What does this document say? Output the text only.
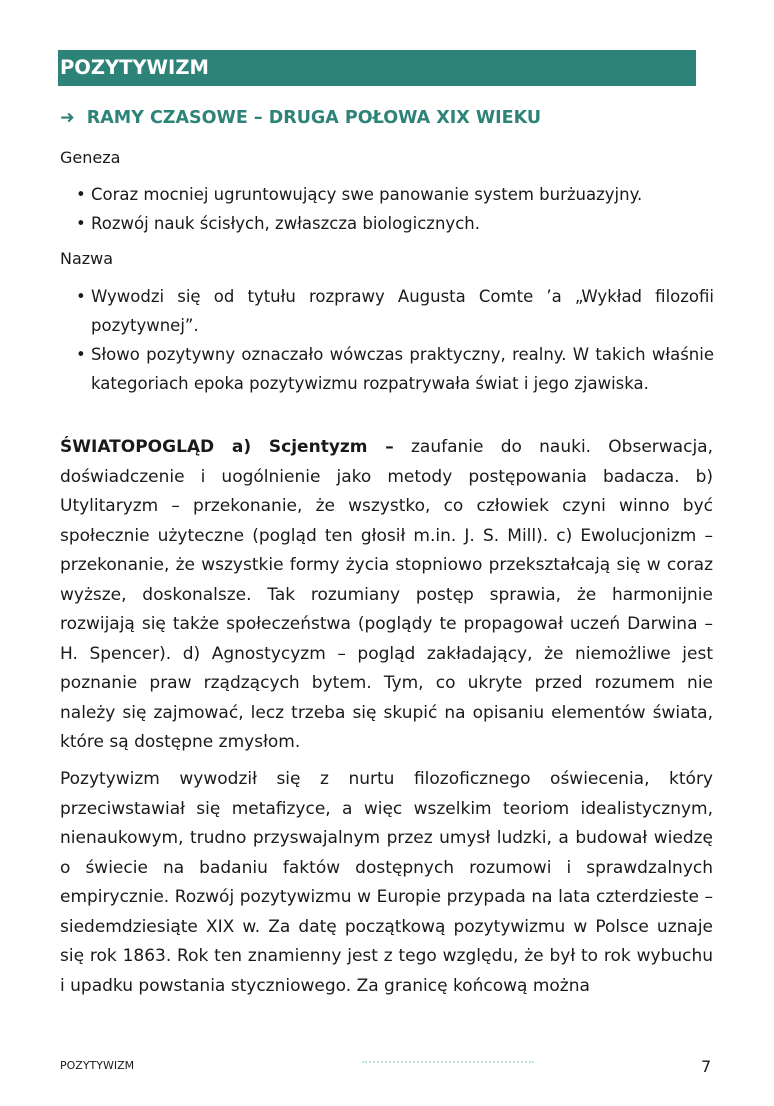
POZYTYWIZM
➜ RAMY CZASOWE – DRUGA POŁOWA XIX WIEKU
Geneza
• Coraz mocniej ugruntowujący swe panowanie system burżuazyjny.
• Rozwój nauk ścisłych, zwłaszcza biologicznych.
Nazwa
• Wywodzi się od tytułu rozprawy Augusta Comte ’a „Wykład filozofii pozytywnej”.
• Słowo pozytywny oznaczało wówczas praktyczny, realny. W takich właśnie kategoriach epoka pozytywizmu rozpatrywała świat i jego zjawiska.

ŚWIATOPOGLĄD a) Scjentyzm – zaufanie do nauki. Obserwacja, doświadczenie i uogólnienie jako metody postępowania badacza. b) Utylitaryzm – przekonanie, że wszystko, co człowiek czyni winno być społecznie użyteczne (pogląd ten głosił m.in. J. S. Mill). c) Ewolucjonizm – przekonanie, że wszystkie formy życia stopniowo przekształcają się w coraz wyższe, doskonalsze. Tak rozumiany postęp sprawia, że harmonijnie rozwijają się także społeczeństwa (poglądy te propagował uczeń Darwina – H. Spencer). d) Agnostycyzm – pogląd zakładający, że niemożliwe jest poznanie praw rządzących bytem. Tym, co ukryte przed rozumem nie należy się zajmować, lecz trzeba się skupić na opisaniu elementów świata, które są dostępne zmysłom.

Pozytywizm wywodził się z nurtu filozoficznego oświecenia, który przeciwstawiał się metafizyce, a więc wszelkim teoriom idealistycznym, nienaukowym, trudno przyswajalnym przez umysł ludzki, a budował wiedzę o świecie na badaniu faktów dostępnych rozumowi i sprawdzalnych empirycznie. Rozwój pozytywizmu w Europie przypada na lata czterdzieste – siedemdziesiąte XIX w. Za datę początkową pozytywizmu w Polsce uznaje się rok 1863. Rok ten znamienny jest z tego względu, że był to rok wybuchu i upadku powstania styczniowego. Za granicę końcową można

POZYTYWIZM	7
